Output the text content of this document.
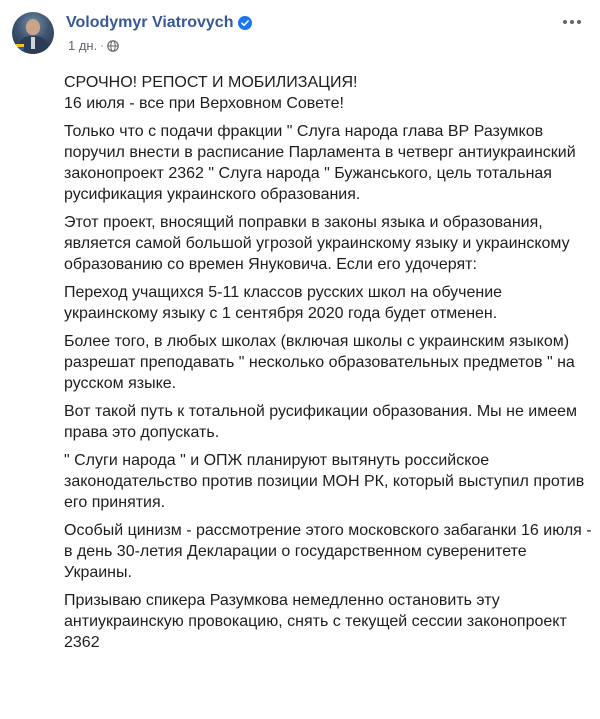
Volodymyr Viatrovych
1 дн. ·

СРОЧНО! РЕПОСТ И МОБИЛИЗАЦИЯ!
16 июля - все при Верховном Совете!

Только что с подачи фракции " Слуга народа глава ВР Разумков
поручил внести в расписание Парламента в четверг антиукраинский
законопроект 2362 " Слуга народа " Бужанського, цель тотальная
русификация украинского образования.

Этот проект, вносящий поправки в законы языка и образования,
является самой большой угрозой украинскому языку и украинскому
образованию со времен Януковича. Если его удочерят:

Переход учащихся 5-11 классов русских школ на обучение
украинскому языку с 1 сентября 2020 года будет отменен.

Более того, в любых школах (включая школы с украинским языком)
разрешат преподавать " несколько образовательных предметов " на
русском языке.

Вот такой путь к тотальной русификации образования. Мы не имеем
права это допускать.

" Слуги народа " и ОПЖ планируют вытянуть российское
законодательство против позиции МОН РК, который выступил против
его принятия.

Особый цинизм - рассмотрение этого московского забаганки 16 июля -
в день 30-летия Декларации о государственном суверенитете
Украины.

Призываю спикера Разумкова немедленно остановить эту
антиукраинскую провокацию, снять с текущей сессии законопроект
2362
